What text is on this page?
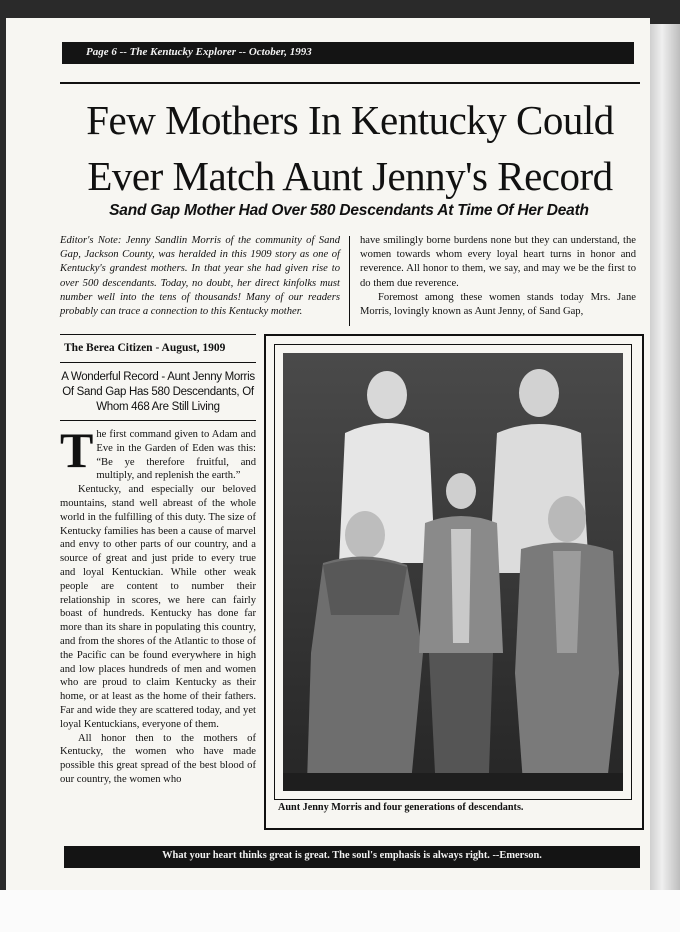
Page 6 -- The Kentucky Explorer -- October, 1993
Few Mothers In Kentucky Could
Ever Match Aunt Jenny's Record
Sand Gap Mother Had Over 580 Descendants At Time Of Her Death
Editor's Note: Jenny Sandlin Morris of the community of Sand Gap, Jackson County, was heralded in this 1909 story as one of Kentucky's grandest mothers. In that year she had given rise to over 500 descendants. Today, no doubt, her direct kinfolks must number well into the tens of thousands! Many of our readers probably can trace a connection to this Kentucky mother.

have smilingly borne burdens none but they can understand, the women towards whom every loyal heart turns in honor and reverence. All honor to them, we say, and may we be the first to do them due reverence.

Foremost among these women stands today Mrs. Jane Morris, lovingly known as Aunt Jenny, of Sand Gap,

The Berea Citizen - August, 1909
A Wonderful Record - Aunt Jenny Morris Of Sand Gap Has 580 Descendants, Of Whom 468 Are Still Living

The first command given to Adam and Eve in the Garden of Eden was this: “Be ye therefore fruitful, and multiply, and replenish the earth.”

Kentucky, and especially our beloved mountains, stand well abreast of the whole world in the fulfilling of this duty. The size of Kentucky families has been a cause of marvel and envy to other parts of our country, and a source of great and just pride to every true and loyal Kentuckian. While other weak people are content to number their relationship in scores, we here can fairly boast of hundreds. Kentucky has done far more than its share in populating this country, and from the shores of the Atlantic to those of the Pacific can be found everywhere in high and low places hundreds of men and women who are proud to claim Kentucky as their home, or at least as the home of their fathers. Far and wide they are scattered today, and yet loyal Kentuckians, everyone of them.

All honor then to the mothers of Kentucky, the women who have made possible this great spread of the best blood of our country, the women who

Aunt Jenny Morris and four generations of descendants.
What your heart thinks great is great. The soul's emphasis is always right. --Emerson.
